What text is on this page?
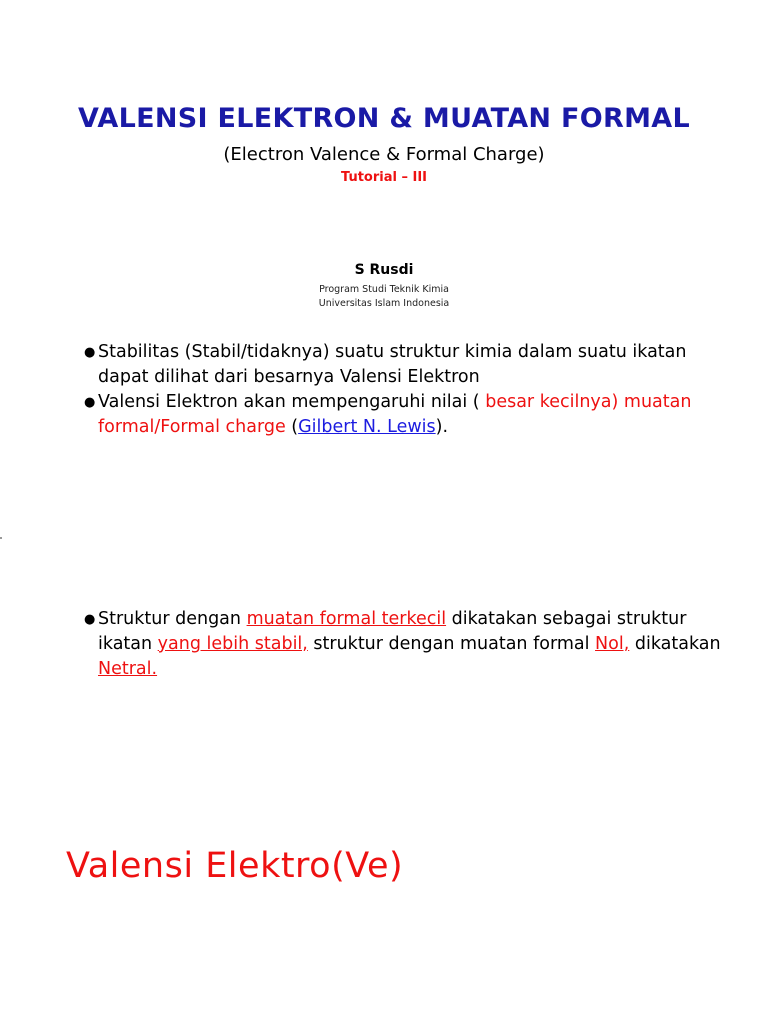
VALENSI ELEKTRON & MUATAN FORMAL
(Electron Valence & Formal Charge)
Tutorial – III
S Rusdi
Program Studi Teknik Kimia
Universitas Islam Indonesia
● Stabilitas (Stabil/tidaknya) suatu struktur kimia dalam suatu ikatan dapat dilihat dari besarnya Valensi Elektron
● Valensi Elektron akan mempengaruhi nilai ( besar kecilnya) muatan formal/Formal charge (Gilbert N. Lewis).
● Struktur dengan muatan formal terkecil dikatakan sebagai struktur ikatan yang lebih stabil, struktur dengan muatan formal Nol, dikatakan Netral.
Valensi Elektro(Ve)
